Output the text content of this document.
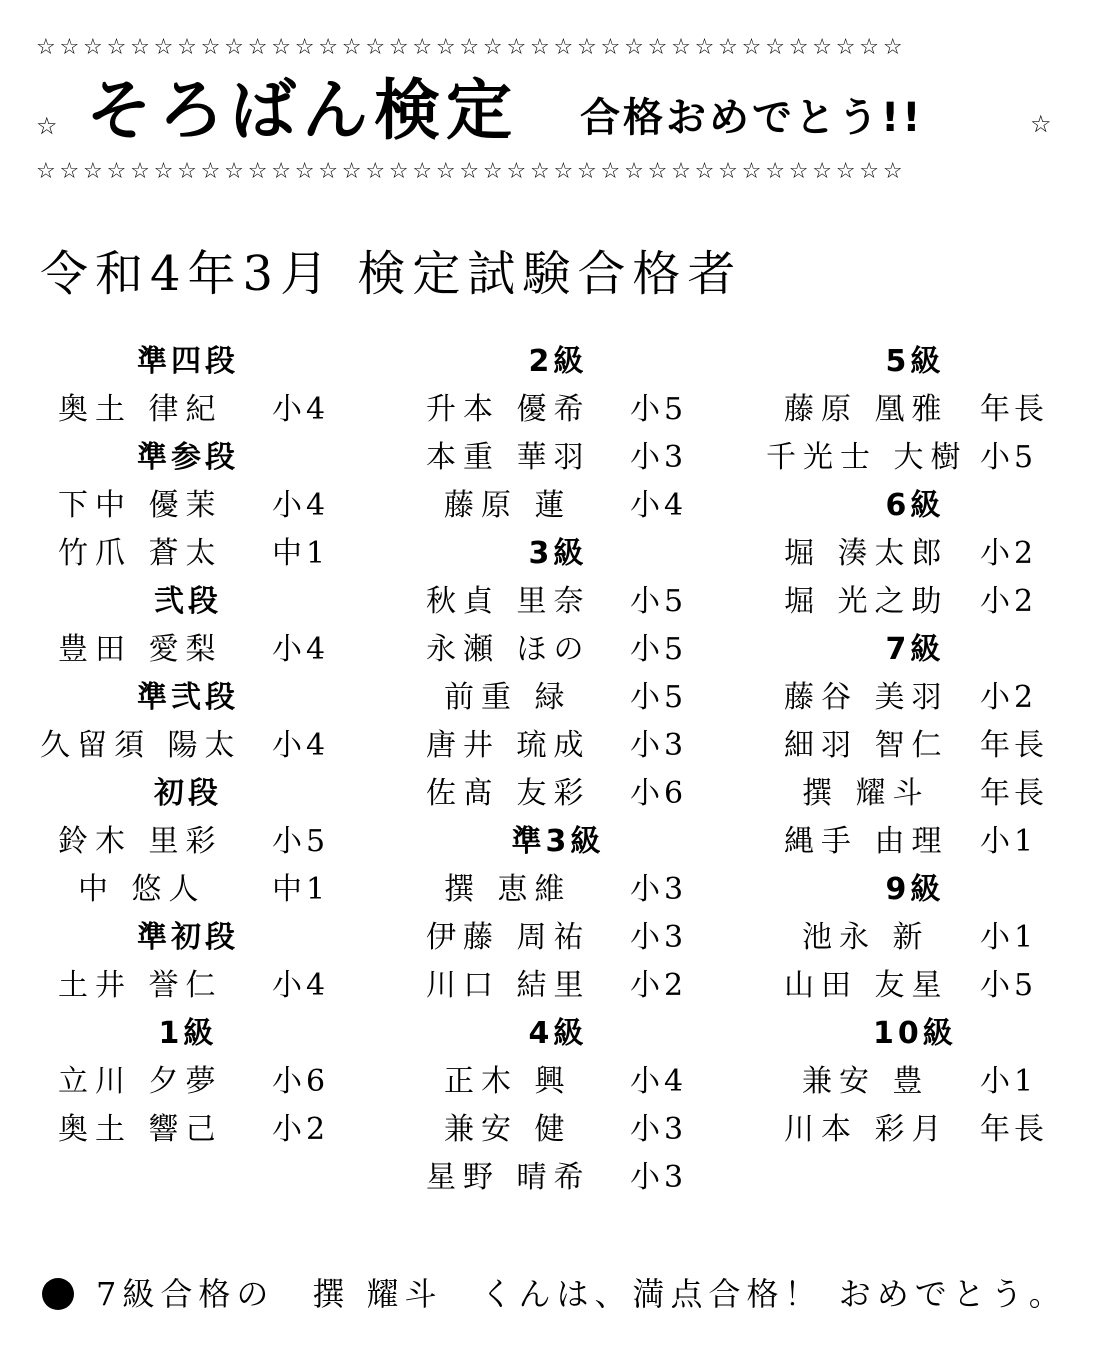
☆☆☆☆☆☆☆☆☆☆☆☆☆☆☆☆☆☆☆☆☆☆☆☆☆☆☆☆☆☆☆☆☆☆☆☆☆
☆ そろばん検定 合格おめでとう!!	☆
☆☆☆☆☆☆☆☆☆☆☆☆☆☆☆☆☆☆☆☆☆☆☆☆☆☆☆☆☆☆☆☆☆☆☆☆☆
令和4年3月 検定試験合格者
準四段
奥土 律紀 小4
準参段
下中 優茉 小4
竹爪 蒼太 中1
弐段
豊田 愛梨 小4
準弐段
久留須 陽太 小4
初段
鈴木 里彩 小5
中 悠人 中1
準初段
土井 誉仁 小4
1級
立川 夕夢 小6
奥土 響己 小2
2級
升本 優希 小5
本重 華羽 小3
藤原 蓮 小4
3級
秋貞 里奈 小5
永瀬 ほの 小5
前重 緑 小5
唐井 琉成 小3
佐髙 友彩 小6
準3級
撰 恵維 小3
伊藤 周祐 小3
川口 結里 小2
4級
正木 興 小4
兼安 健 小3
星野 晴希 小3
5級
藤原 凰雅 年長
千光士 大樹 小5
6級
堀 湊太郎 小2
堀 光之助 小2
7級
藤谷 美羽 小2
細羽 智仁 年長
撰 耀斗 年長
縄手 由理 小1
9級
池永 新 小1
山田 友星 小5
10級
兼安 豊 小1
川本 彩月 年長
7級合格の　撰 耀斗　くんは、満点合格！ おめでとう。
